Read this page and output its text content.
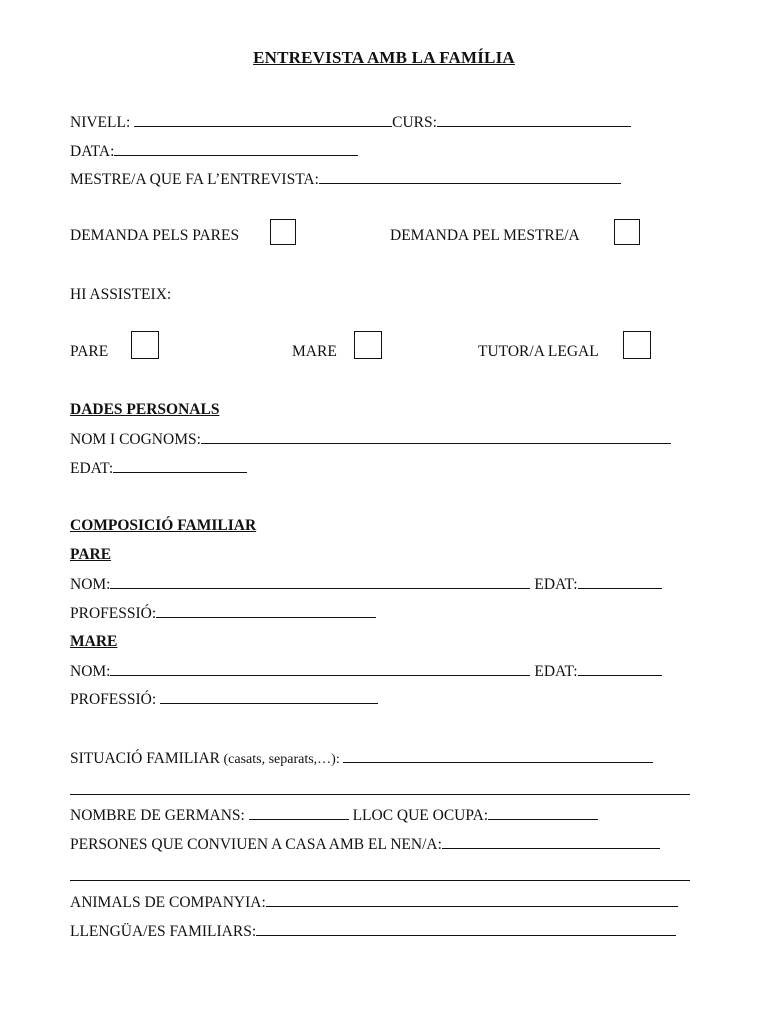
ENTREVISTA AMB LA FAMÍLIA
NIVELL:	CURS:
DATA:
MESTRE/A QUE FA L’ENTREVISTA:
DEMANDA PELS PARES	DEMANDA PEL MESTRE/A
HI ASSISTEIX:
PARE	MARE	TUTOR/A LEGAL
DADES PERSONALS
NOM I COGNOMS:
EDAT:
COMPOSICIÓ FAMILIAR
PARE
NOM:	EDAT:
PROFESSIÓ:
MARE
NOM:	EDAT:
PROFESSIÓ:
SITUACIÓ FAMILIAR (casats, separats,…):
NOMBRE DE GERMANS:	LLOC QUE OCUPA:
PERSONES QUE CONVIUEN A CASA AMB EL NEN/A:
ANIMALS DE COMPANYIA:
LLENGÜA/ES FAMILIARS:
